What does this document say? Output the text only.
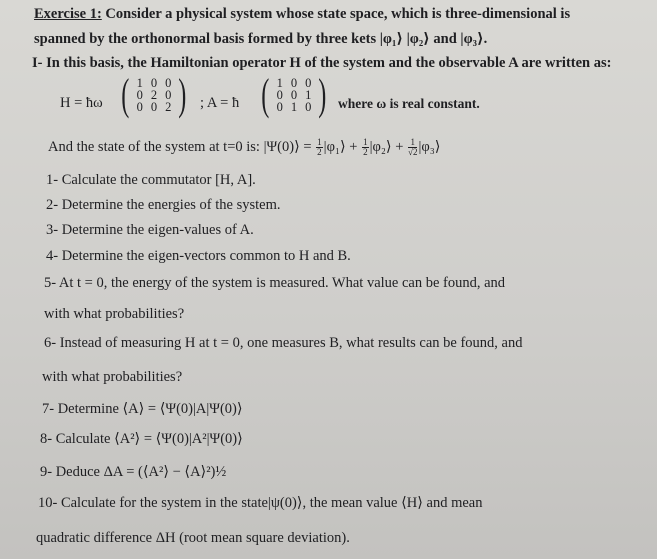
Exercise 1: Consider a physical system whose state space, which is three-dimensional is
spanned by the orthonormal basis formed by three kets |φ₁⟩ |φ₂⟩ and |φ₃⟩.
I- In this basis, the Hamiltonian operator H of the system and the observable A are written as:
H = ħω ( 1	0	0
0	2	0
0	0	2 ) ; A = ħ ( 1	0	0
0	0	1
0	1	0 ) where ω is real constant.
And the state of the system at t=0 is: |Ψ(0)⟩ = $\frac{1}{2}$ |φ₁⟩ + $\frac{1}{2}$ |φ₂⟩ + $\frac{1}{√2}$ |φ₃⟩
1- Calculate the commutator [H, A].
2- Determine the energies of the system.
3- Determine the eigen-values of A.
4- Determine the eigen-vectors common to H and B.
5- At t = 0, the energy of the system is measured. What value can be found, and
with what probabilities?
6- Instead of measuring H at t = 0, one measures B, what results can be found, and
with what probabilities?
7- Determine ⟨A⟩ = ⟨Ψ(0)|A|Ψ(0)⟩
8- Calculate ⟨A²⟩ = ⟨Ψ(0)|A²|Ψ(0)⟩
9- Deduce ΔA = (⟨A²⟩ − ⟨A⟩²)½
10- Calculate for the system in the state|ψ(0)⟩, the mean value ⟨H⟩ and mean
quadratic difference ΔH (root mean square deviation).
